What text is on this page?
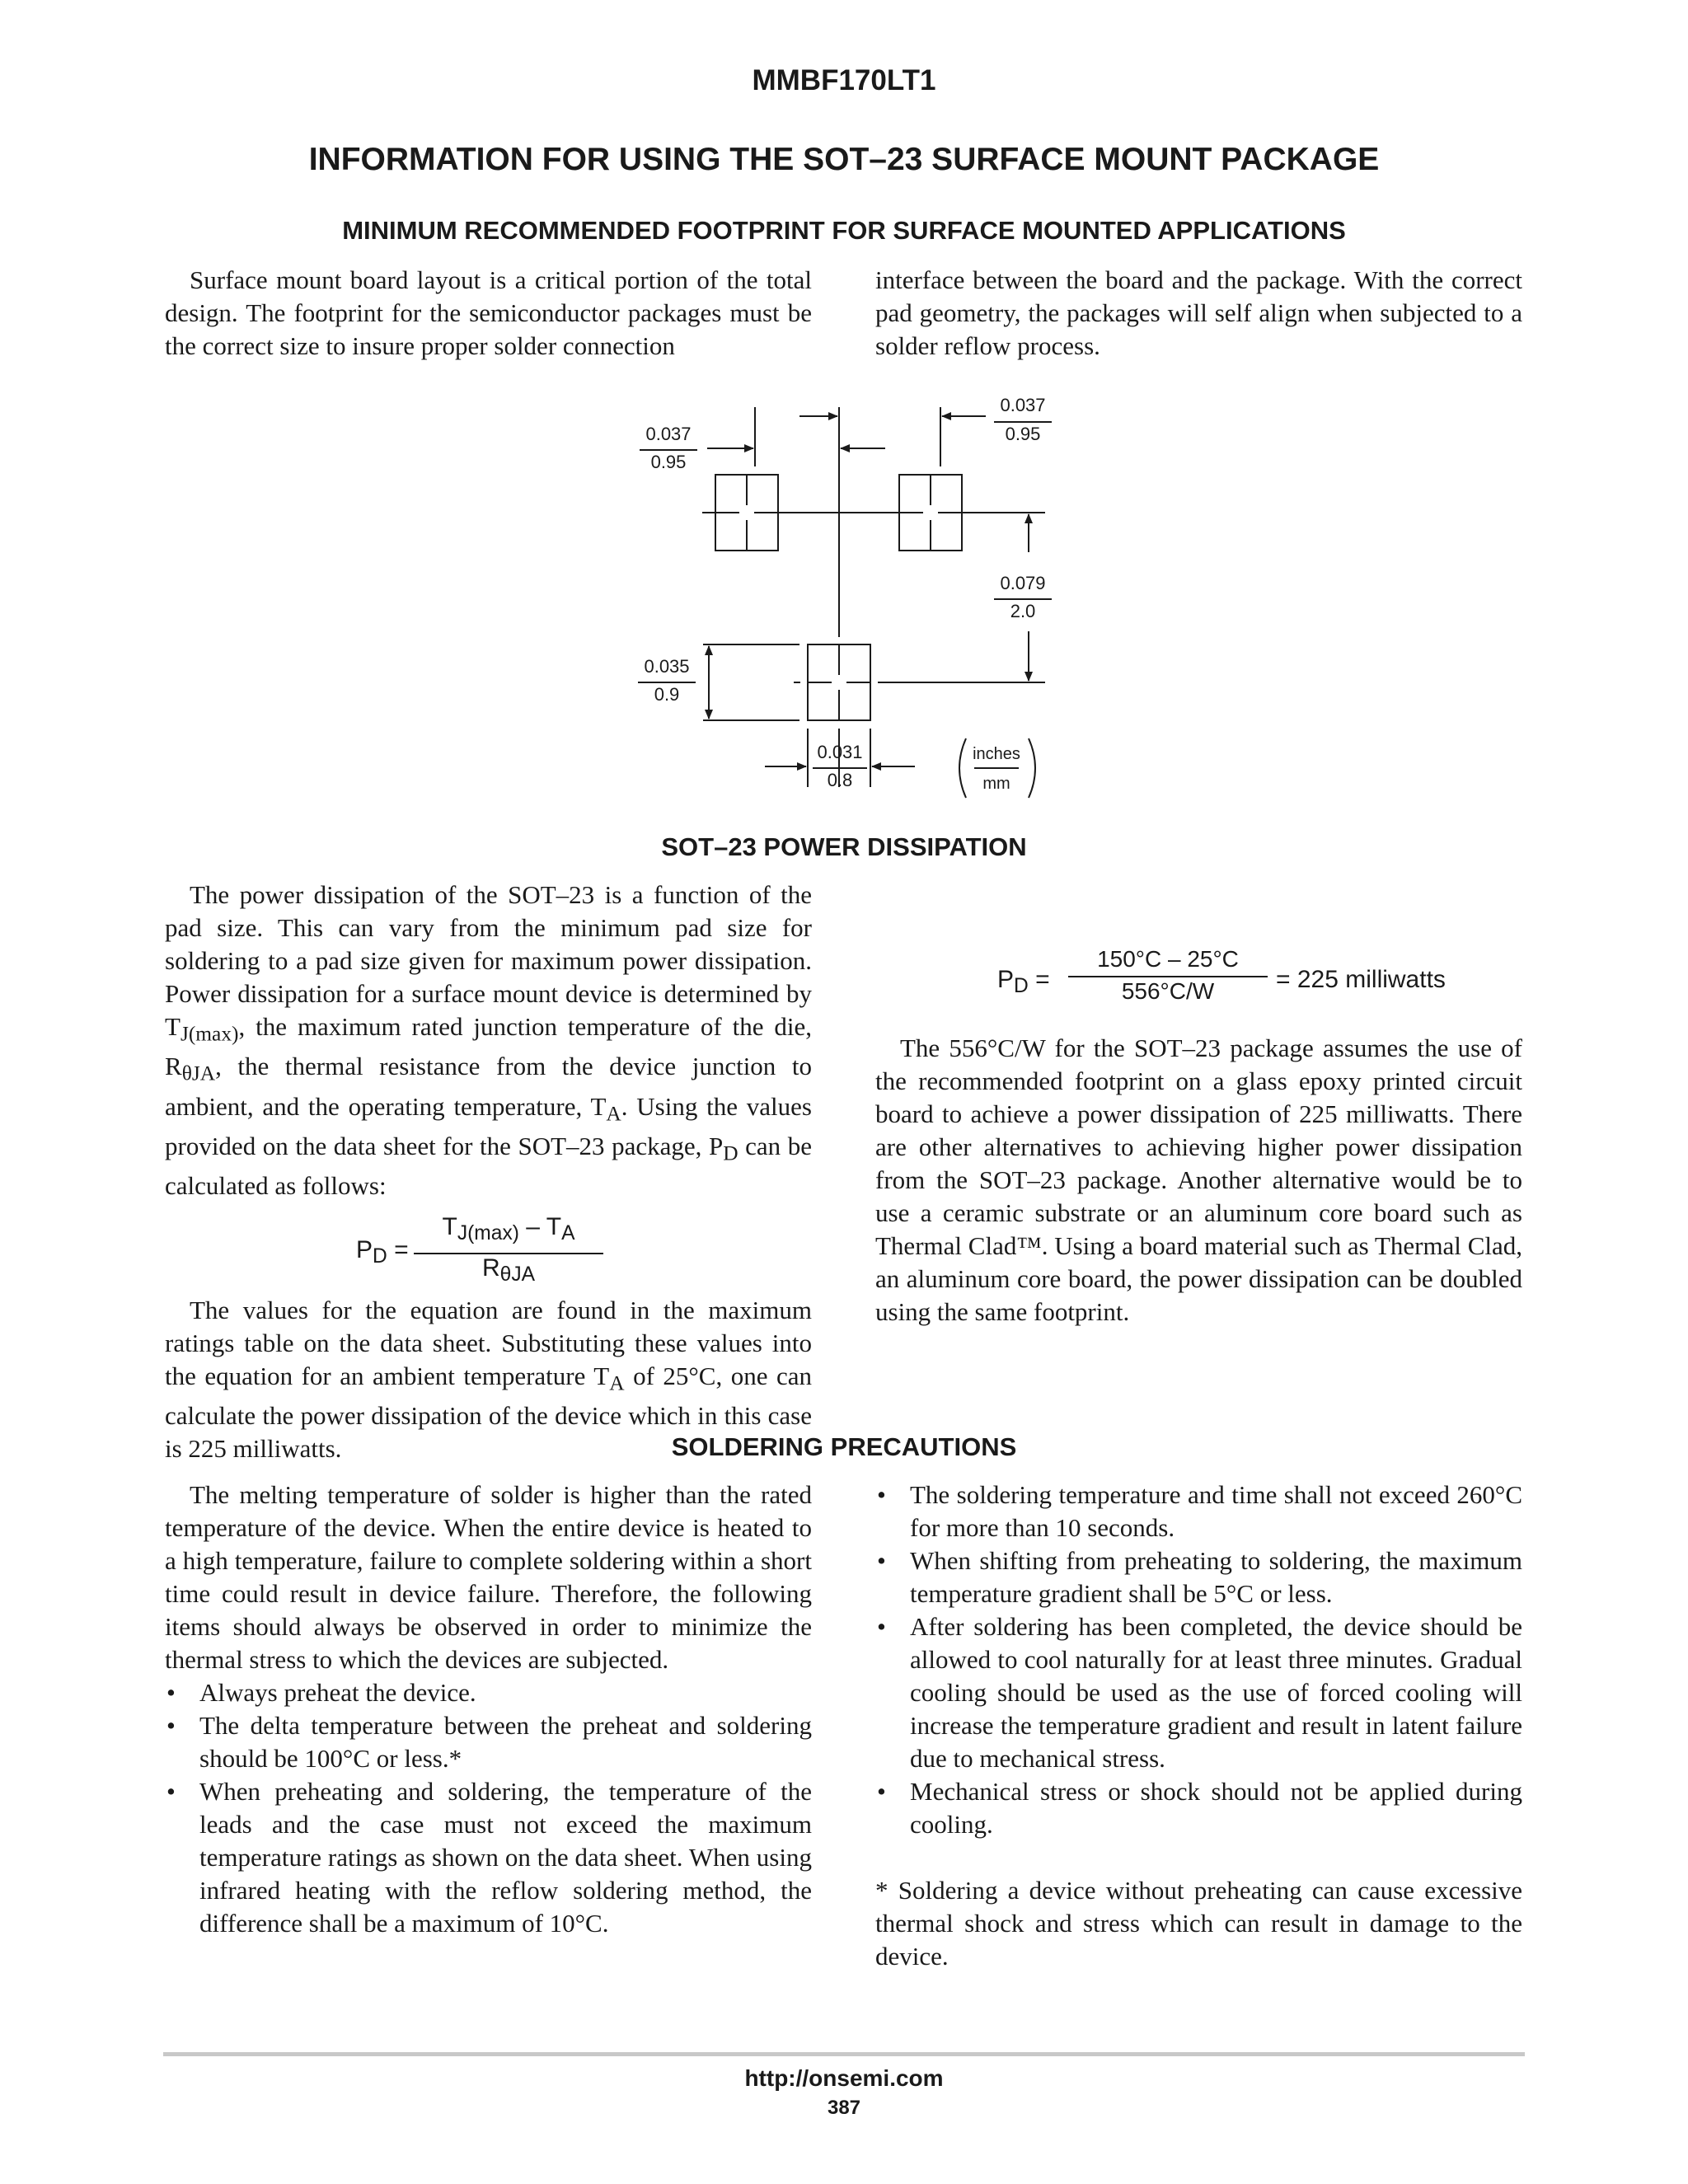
MMBF170LT1
INFORMATION FOR USING THE SOT–23 SURFACE MOUNT PACKAGE
MINIMUM RECOMMENDED FOOTPRINT FOR SURFACE MOUNTED APPLICATIONS

Surface mount board layout is a critical portion of the total design. The footprint for the semiconductor packages must be the correct size to insure proper solder connection

interface between the board and the package. With the correct pad geometry, the packages will self align when subjected to a solder reflow process.

0.037
0.95
0.037
0.95
0.079
2.0
0.035
0.9
0.031
0.8
inches
mm
SOT–23 POWER DISSIPATION

The power dissipation of the SOT–23 is a function of the pad size. This can vary from the minimum pad size for soldering to a pad size given for maximum power dissipation. Power dissipation for a surface mount device is determined by $T_{J(max)}$, the maximum rated junction temperature of the die, $R_{\theta JA}$, the thermal resistance from the device junction to ambient, and the operating temperature, $T_A$. Using the values provided on the data sheet for the SOT–23 package, $P_D$ can be calculated as follows:

$P_D$ =
$T_{J(max)} - T_A$
$R_{\theta JA}$

The values for the equation are found in the maximum ratings table on the data sheet. Substituting these values into the equation for an ambient temperature $T_A$ of 25°C, one can calculate the power dissipation of the device which in this case is 225 milliwatts.

$P_D = \frac{150^\circ C - 25^\circ C}{556^\circ C/W} = 225$ milliwatts

The 556°C/W for the SOT–23 package assumes the use of the recommended footprint on a glass epoxy printed circuit board to achieve a power dissipation of 225 milliwatts. There are other alternatives to achieving higher power dissipation from the SOT–23 package. Another alternative would be to use a ceramic substrate or an aluminum core board such as Thermal Clad™. Using a board material such as Thermal Clad, an aluminum core board, the power dissipation can be doubled using the same footprint.

SOLDERING PRECAUTIONS

The melting temperature of solder is higher than the rated temperature of the device. When the entire device is heated to a high temperature, failure to complete soldering within a short time could result in device failure. Therefore, the following items should always be observed in order to minimize the thermal stress to which the devices are subjected.

• Always preheat the device.
• The delta temperature between the preheat and soldering should be 100°C or less.*
• When preheating and soldering, the temperature of the leads and the case must not exceed the maximum temperature ratings as shown on the data sheet. When using infrared heating with the reflow soldering method, the difference shall be a maximum of 10°C.
• The soldering temperature and time shall not exceed 260°C for more than 10 seconds.
• When shifting from preheating to soldering, the maximum temperature gradient shall be 5°C or less.
• After soldering has been completed, the device should be allowed to cool naturally for at least three minutes. Gradual cooling should be used as the use of forced cooling will increase the temperature gradient and result in latent failure due to mechanical stress.
• Mechanical stress or shock should not be applied during cooling.

* Soldering a device without preheating can cause excessive thermal shock and stress which can result in damage to the device.

http://onsemi.com
387
